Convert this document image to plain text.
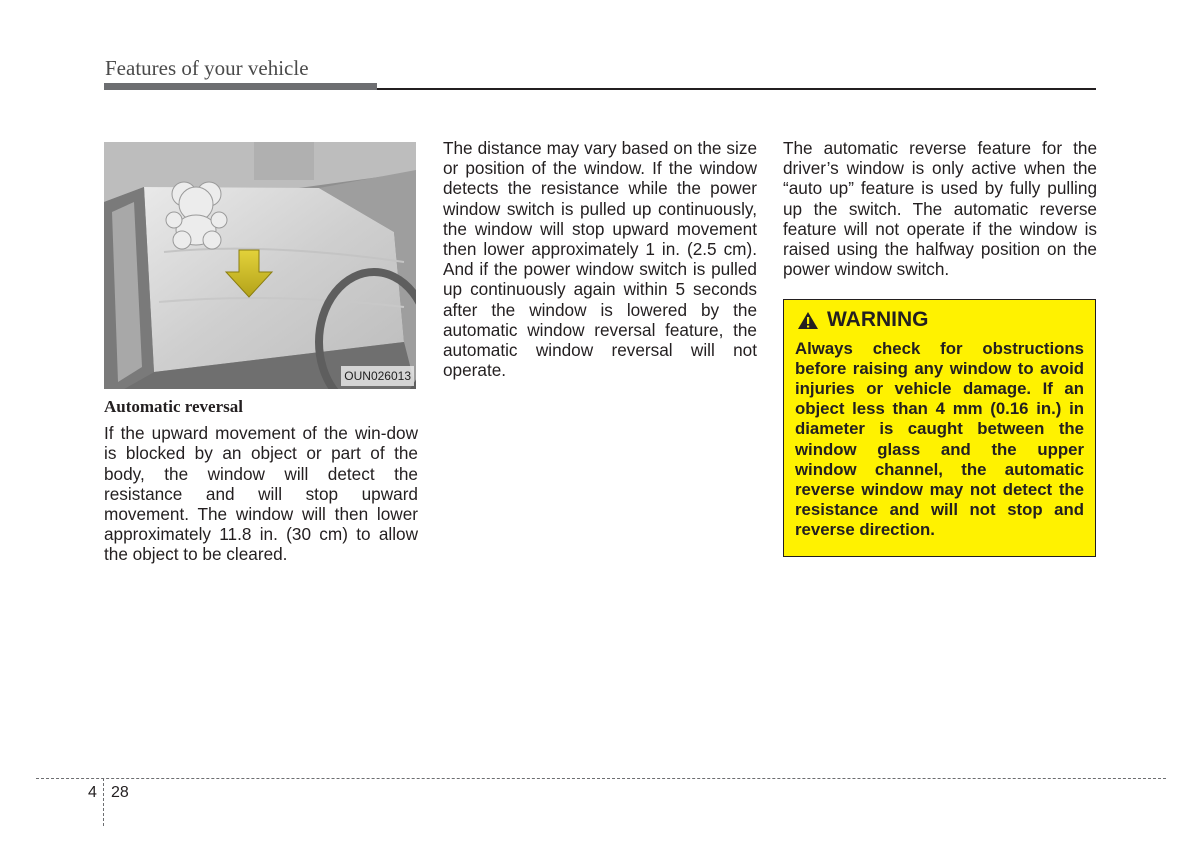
Features of your vehicle
OUN026013
Automatic reversal

If the upward movement of the win-dow is blocked by an object or part of the body, the window will detect the resistance and will stop upward movement. The window will then lower approximately 11.8 in. (30 cm) to allow the object to be cleared.

The distance may vary based on the size or position of the window. If the window detects the resistance while the power window switch is pulled up continuously, the window will stop upward movement then lower approximately 1 in. (2.5 cm). And if the power window switch is pulled up continuously again within 5 seconds after the window is lowered by the automatic window reversal feature, the automatic window reversal will not operate.

The automatic reverse feature for the driver’s window is only active when the “auto up” feature is used by fully pulling up the switch. The automatic reverse feature will not operate if the window is raised using the halfway position on the power window switch.

WARNING

Always check for obstructions before raising any window to avoid injuries or vehicle damage. If an object less than 4 mm (0.16 in.) in diameter is caught between the window glass and the upper window channel, the automatic reverse window may not detect the resistance and will not stop and reverse direction.

4 28
